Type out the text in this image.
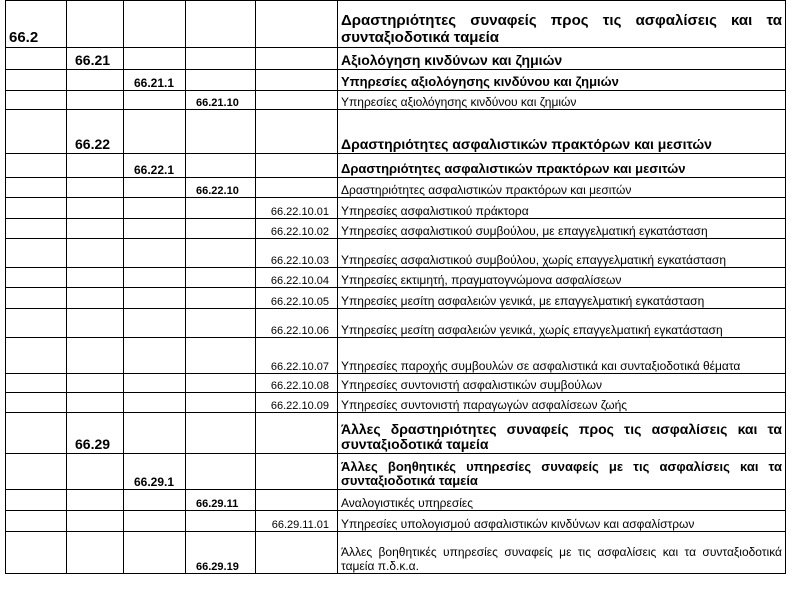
66.2					Δραστηριότητες συναφείς προς τις ασφαλίσεις και τα συνταξιοδοτικά ταμεία
	66.21				Αξιολόγηση κινδύνων και ζημιών
		66.21.1			Υπηρεσίες αξιολόγησης κινδύνου και ζημιών
			66.21.10		Υπηρεσίες αξιολόγησης κινδύνου και ζημιών
	66.22				Δραστηριότητες ασφαλιστικών πρακτόρων και μεσιτών
		66.22.1			Δραστηριότητες ασφαλιστικών πρακτόρων και μεσιτών
			66.22.10		Δραστηριότητες ασφαλιστικών πρακτόρων και μεσιτών
				66.22.10.01	Υπηρεσίες ασφαλιστικού πράκτορα
				66.22.10.02	Υπηρεσίες ασφαλιστικού συμβούλου, με επαγγελματική εγκατάσταση
				66.22.10.03	Υπηρεσίες ασφαλιστικού συμβούλου, χωρίς επαγγελματική εγκατάσταση
				66.22.10.04	Υπηρεσίες εκτιμητή, πραγματογνώμονα ασφαλίσεων
				66.22.10.05	Υπηρεσίες μεσίτη ασφαλειών γενικά, με επαγγελματική εγκατάσταση
				66.22.10.06	Υπηρεσίες μεσίτη ασφαλειών γενικά, χωρίς επαγγελματική εγκατάσταση
				66.22.10.07	Υπηρεσίες παροχής συμβουλών σε ασφαλιστικά και συνταξιοδοτικά θέματα
				66.22.10.08	Υπηρεσίες συντονιστή ασφαλιστικών συμβούλων
				66.22.10.09	Υπηρεσίες συντονιστή παραγωγών ασφαλίσεων ζωής
	66.29				Άλλες δραστηριότητες συναφείς προς τις ασφαλίσεις και τα συνταξιοδοτικά ταμεία
		66.29.1			Άλλες βοηθητικές υπηρεσίες συναφείς με τις ασφαλίσεις και τα συνταξιοδοτικά ταμεία
			66.29.11		Αναλογιστικές υπηρεσίες
				66.29.11.01	Υπηρεσίες υπολογισμού ασφαλιστικών κινδύνων και ασφαλίστρων
			66.29.19		Άλλες βοηθητικές υπηρεσίες συναφείς με τις ασφαλίσεις και τα συνταξιοδοτικά ταμεία π.δ.κ.α.
